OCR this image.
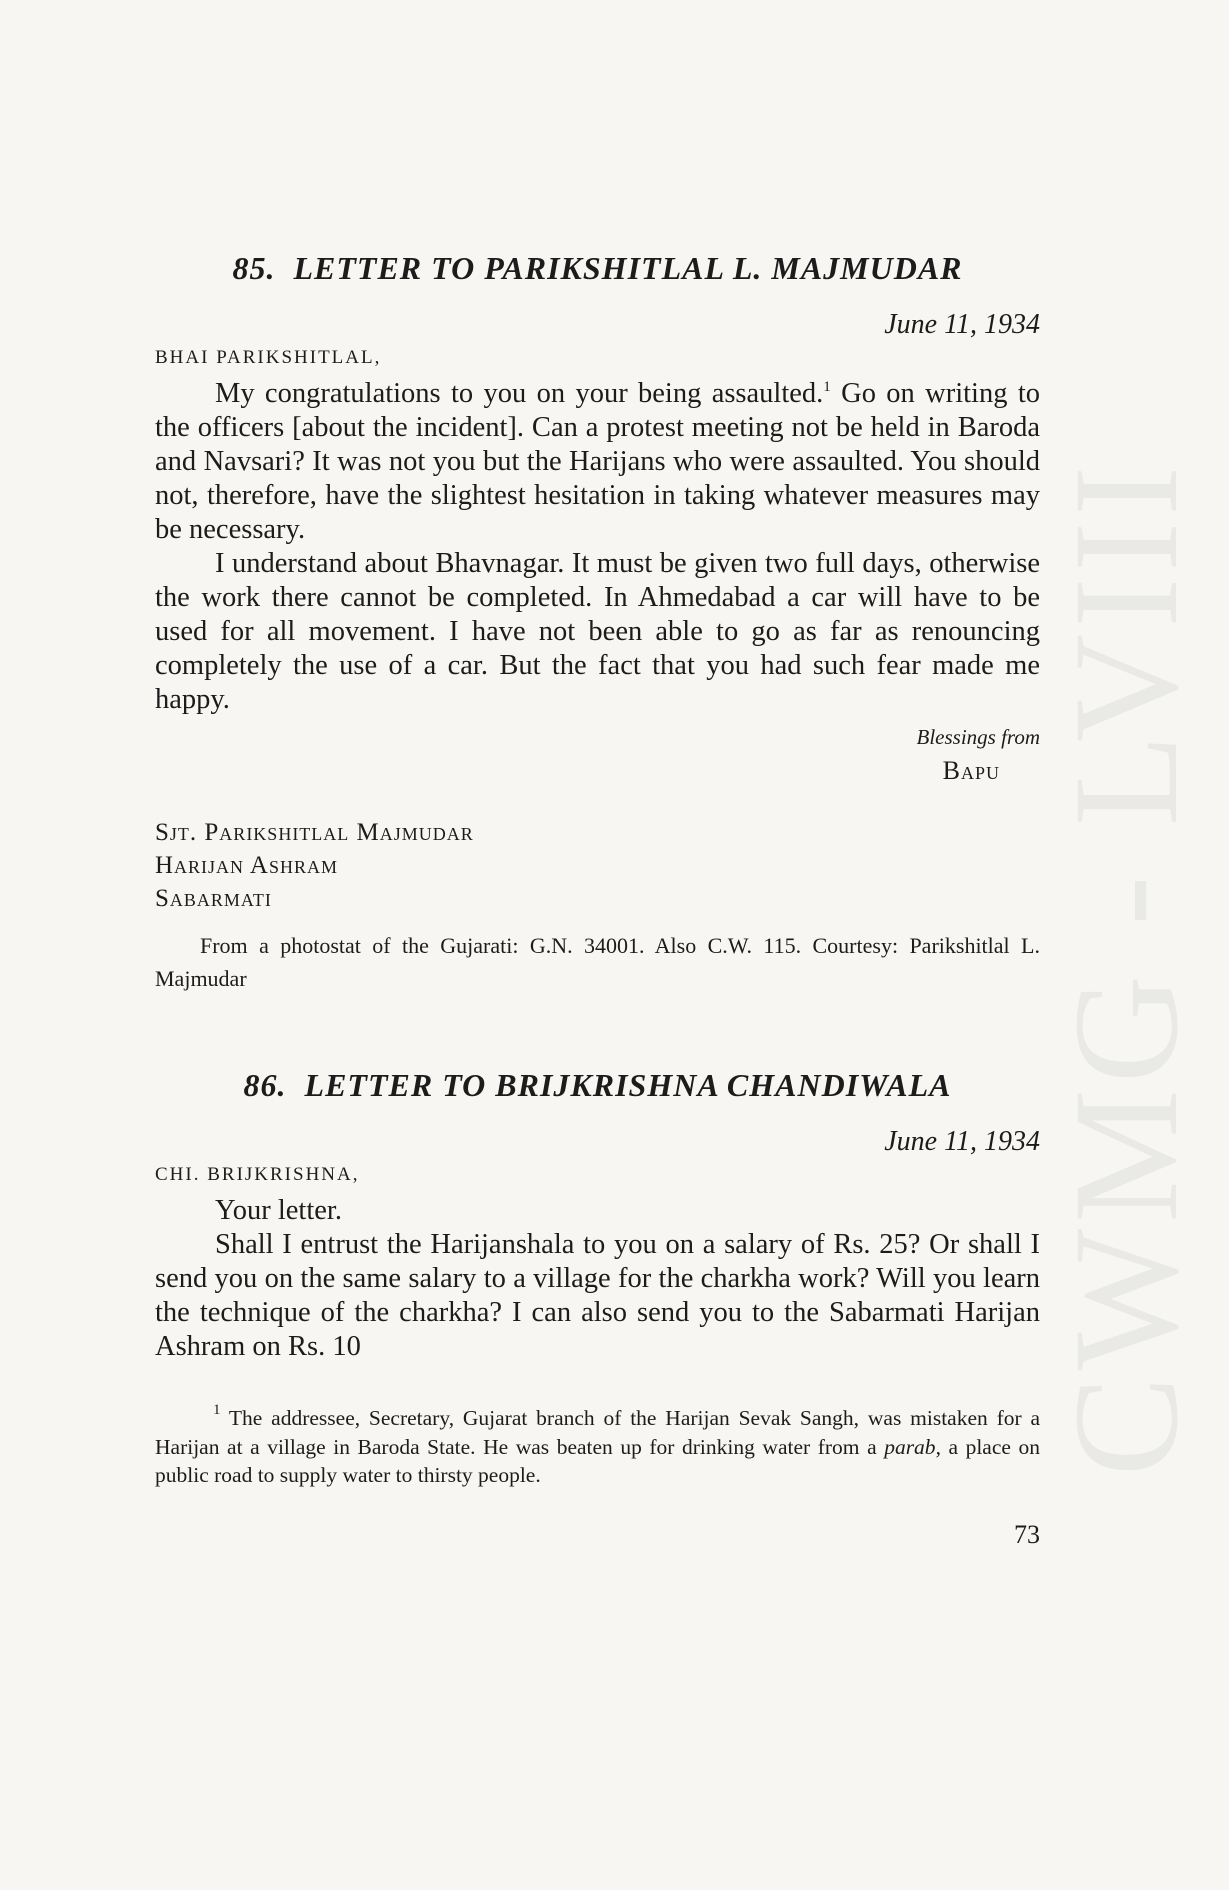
CWMG - LVIII
85. LETTER TO PARIKSHITLAL L. MAJMUDAR

June 11, 1934

BHAI PARIKSHITLAL,

My congratulations to you on your being assaulted.$^1$ Go on writing to the officers [about the incident]. Can a protest meeting not be held in Baroda and Navsari? It was not you but the Harijans who were assaulted. You should not, therefore, have the slightest hesitation in taking whatever measures may be necessary.

I understand about Bhavnagar. It must be given two full days, otherwise the work there cannot be completed. In Ahmedabad a car will have to be used for all movement. I have not been able to go as far as renouncing completely the use of a car. But the fact that you had such fear made me happy.

Blessings from

Bapu

Sjt. Parikshitlal Majmudar
Harijan Ashram
Sabarmati

From a photostat of the Gujarati: G.N. 34001. Also C.W. 115. Courtesy: Parikshitlal L. Majmudar

86. LETTER TO BRIJKRISHNA CHANDIWALA

June 11, 1934

CHI. BRIJKRISHNA,

Your letter.

Shall I entrust the Harijanshala to you on a salary of Rs. 25? Or shall I send you on the same salary to a village for the charkha work? Will you learn the technique of the charkha? I can also send you to the Sabarmati Harijan Ashram on Rs. 10

$^1$ The addressee, Secretary, Gujarat branch of the Harijan Sevak Sangh, was mistaken for a Harijan at a village in Baroda State. He was beaten up for drinking water from a parab, a place on public road to supply water to thirsty people.

73
